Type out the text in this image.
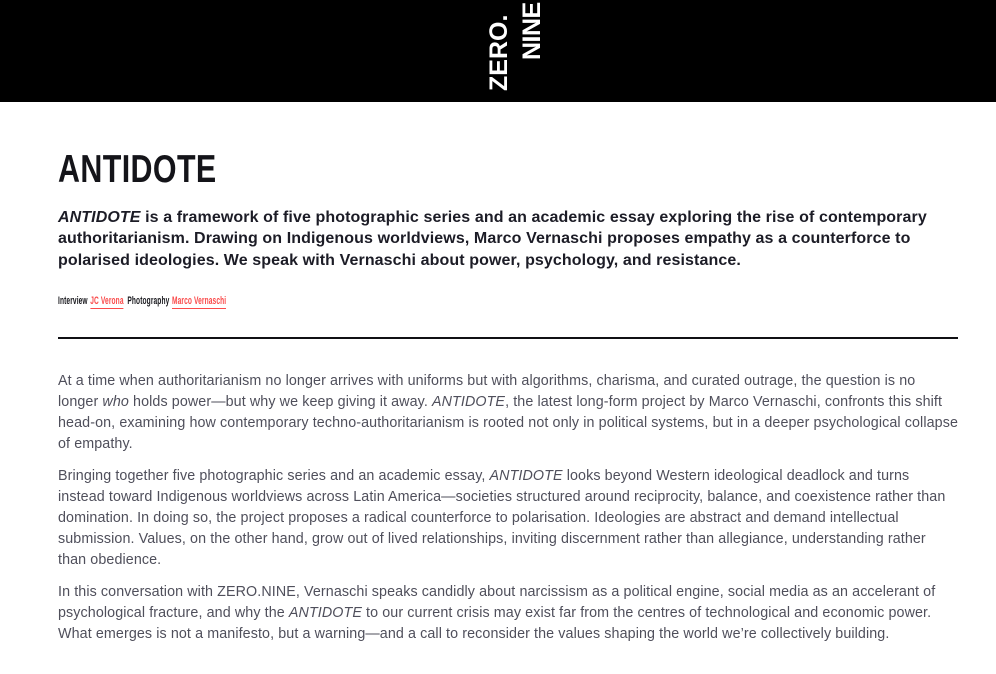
ZERO. NINE
ANTIDOTE

ANTIDOTE is a framework of five photographic series and an academic essay exploring the rise of contemporary authoritarianism. Drawing on Indigenous worldviews, Marco Vernaschi proposes empathy as a counterforce to polarised ideologies. We speak with Vernaschi about power, psychology, and resistance.

Interview JC Verona Photography Marco Vernaschi

At a time when authoritarianism no longer arrives with uniforms but with algorithms, charisma, and curated outrage, the question is no longer who holds power—but why we keep giving it away. ANTIDOTE, the latest long-form project by Marco Vernaschi, confronts this shift head-on, examining how contemporary techno-authoritarianism is rooted not only in political systems, but in a deeper psychological collapse of empathy.

Bringing together five photographic series and an academic essay, ANTIDOTE looks beyond Western ideological deadlock and turns instead toward Indigenous worldviews across Latin America—societies structured around reciprocity, balance, and coexistence rather than domination. In doing so, the project proposes a radical counterforce to polarisation. Ideologies are abstract and demand intellectual submission. Values, on the other hand, grow out of lived relationships, inviting discernment rather than allegiance, understanding rather than obedience.

In this conversation with ZERO.NINE, Vernaschi speaks candidly about narcissism as a political engine, social media as an accelerant of psychological fracture, and why the ANTIDOTE to our current crisis may exist far from the centres of technological and economic power. What emerges is not a manifesto, but a warning—and a call to reconsider the values shaping the world we’re collectively building.
